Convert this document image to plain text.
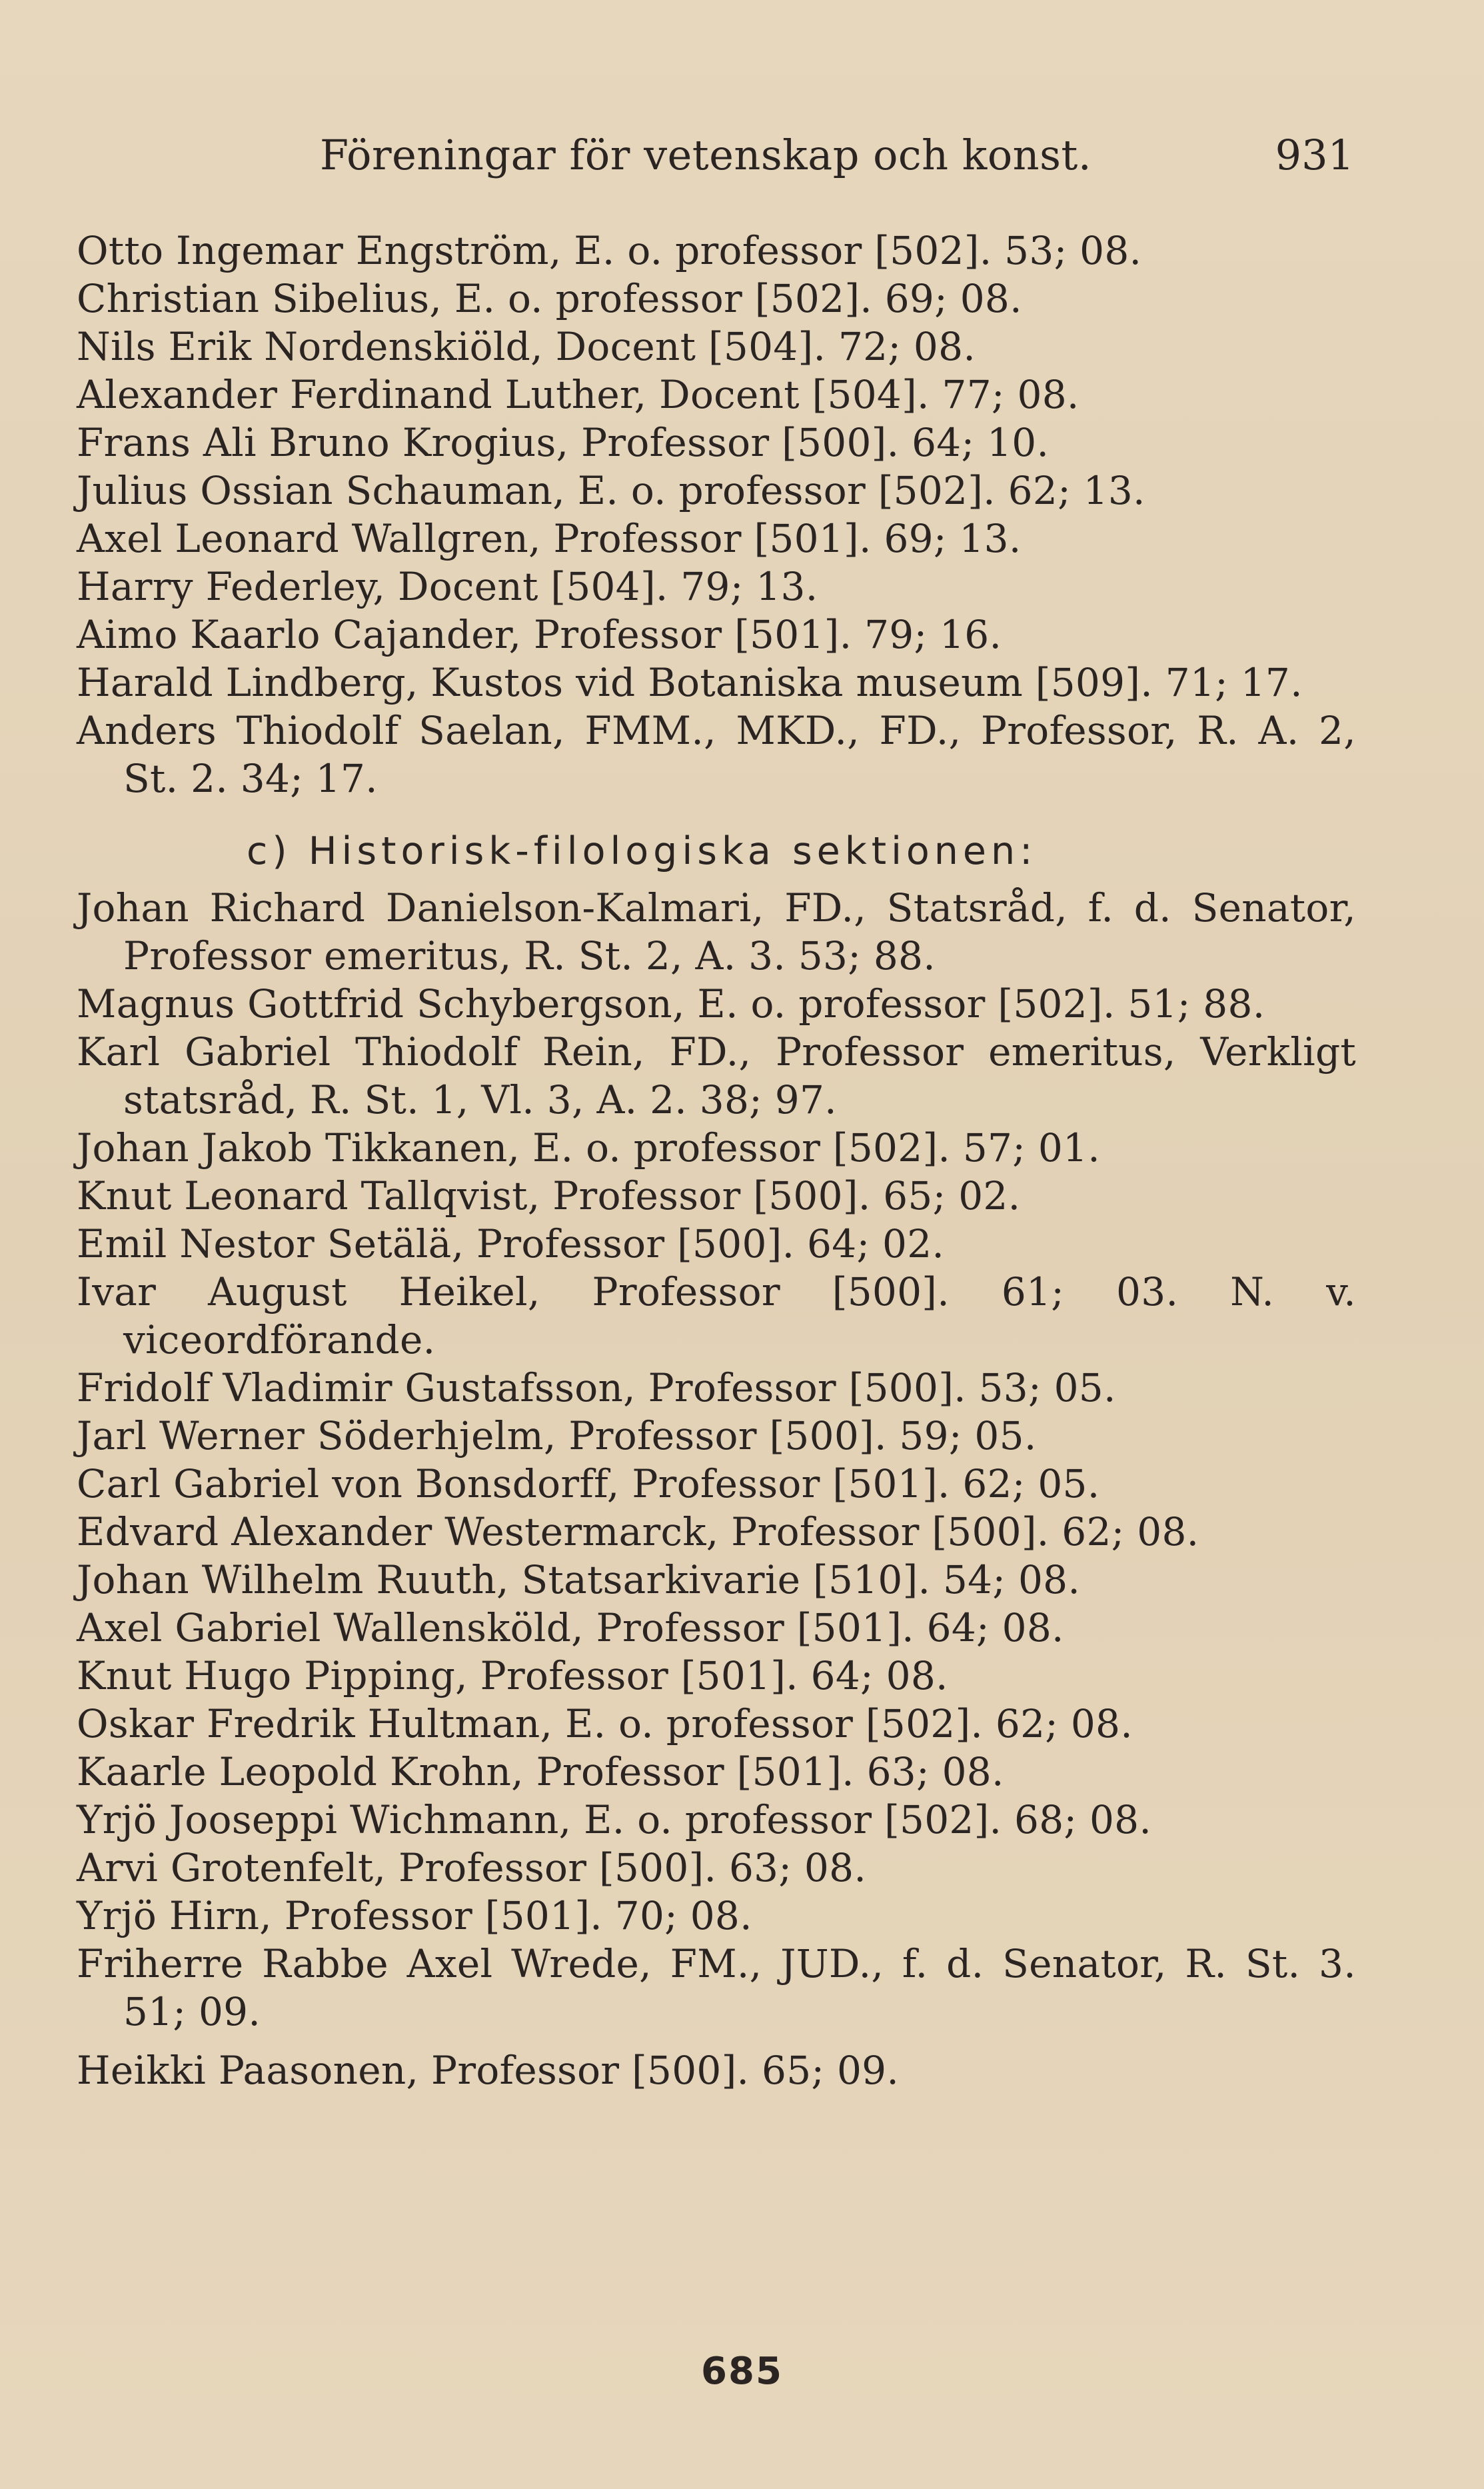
Föreningar för vetenskap och konst.	931

Otto Ingemar Engström, E. o. professor [502]. 53; 08.

Christian Sibelius, E. o. professor [502]. 69; 08.

Nils Erik Nordenskiöld, Docent [504]. 72; 08.

Alexander Ferdinand Luther, Docent [504]. 77; 08.

Frans Ali Bruno Krogius, Professor [500]. 64; 10.

Julius Ossian Schauman, E. o. professor [502]. 62; 13.

Axel Leonard Wallgren, Professor [501]. 69; 13.

Harry Federley, Docent [504]. 79; 13.

Aimo Kaarlo Cajander, Professor [501]. 79; 16.

Harald Lindberg, Kustos vid Botaniska museum [509]. 71; 17.

Anders Thiodolf Saelan, FMM., MKD., FD., Professor, R. A. 2, St. 2. 34; 17.

c) Historisk-filologiska sektionen:

Johan Richard Danielson-Kalmari, FD., Statsråd, f. d. Senator, Professor emeritus, R. St. 2, A. 3. 53; 88.

Magnus Gottfrid Schybergson, E. o. professor [502]. 51; 88.

Karl Gabriel Thiodolf Rein, FD., Professor emeritus, Verkligt statsråd, R. St. 1, Vl. 3, A. 2. 38; 97.

Johan Jakob Tikkanen, E. o. professor [502]. 57; 01.

Knut Leonard Tallqvist, Professor [500]. 65; 02.

Emil Nestor Setälä, Professor [500]. 64; 02.

Ivar August Heikel, Professor [500]. 61; 03. N. v. viceordförande.

Fridolf Vladimir Gustafsson, Professor [500]. 53; 05.

Jarl Werner Söderhjelm, Professor [500]. 59; 05.

Carl Gabriel von Bonsdorff, Professor [501]. 62; 05.

Edvard Alexander Westermarck, Professor [500]. 62; 08.

Johan Wilhelm Ruuth, Statsarkivarie [510]. 54; 08.

Axel Gabriel Wallensköld, Professor [501]. 64; 08.

Knut Hugo Pipping, Professor [501]. 64; 08.

Oskar Fredrik Hultman, E. o. professor [502]. 62; 08.

Kaarle Leopold Krohn, Professor [501]. 63; 08.

Yrjö Jooseppi Wichmann, E. o. professor [502]. 68; 08.

Arvi Grotenfelt, Professor [500]. 63; 08.

Yrjö Hirn, Professor [501]. 70; 08.

Friherre Rabbe Axel Wrede, FM., JUD., f. d. Senator, R. St. 3. 51; 09.

Heikki Paasonen, Professor [500]. 65; 09.

685
